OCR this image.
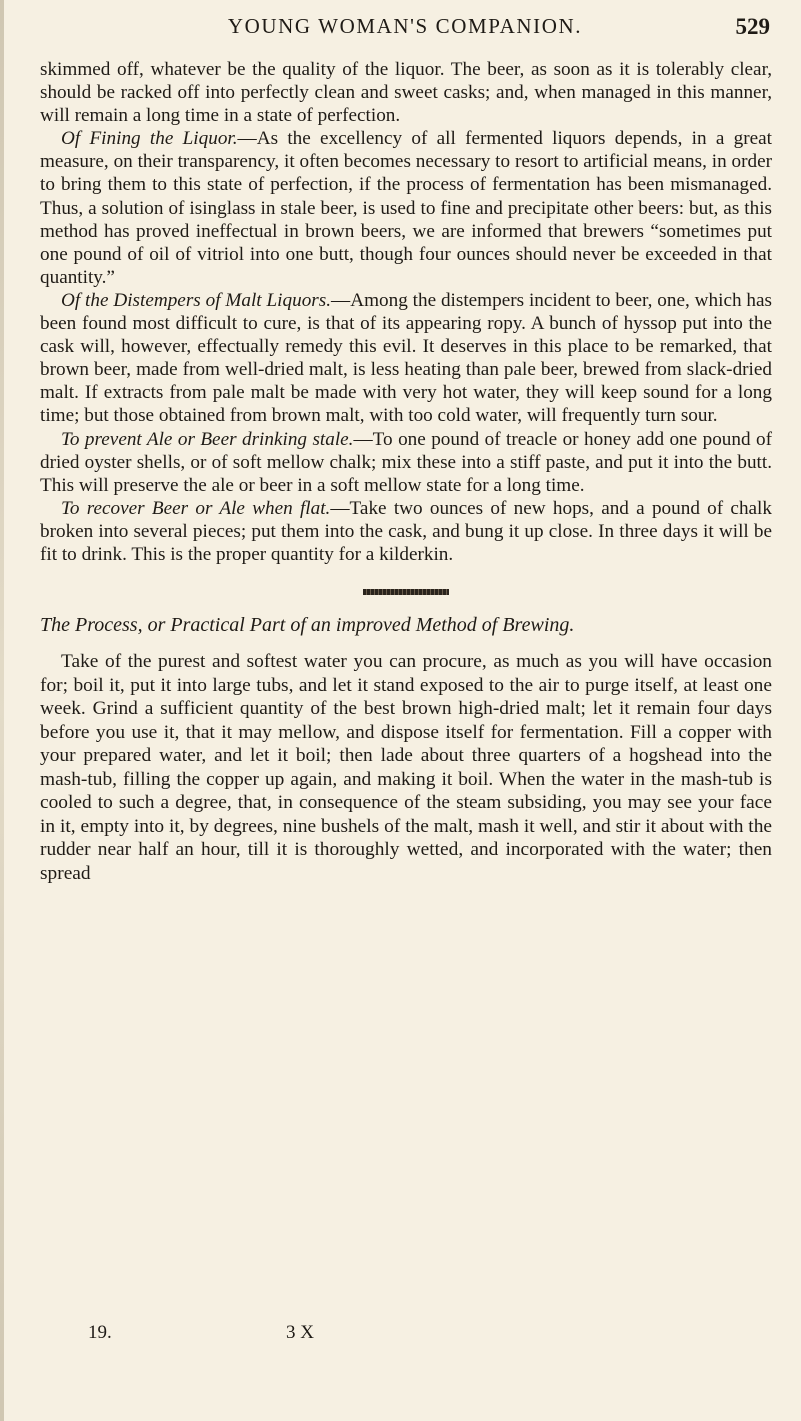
YOUNG WOMAN'S COMPANION.	529

skimmed off, whatever be the quality of the liquor. The beer, as soon as it is tolerably clear, should be racked off into perfectly clean and sweet casks; and, when managed in this manner, will remain a long time in a state of perfection.

Of Fining the Liquor.—As the excellency of all fermented liquors depends, in a great measure, on their transparency, it often becomes necessary to resort to artificial means, in order to bring them to this state of perfection, if the process of fermentation has been mismanaged. Thus, a solution of isinglass in stale beer, is used to fine and precipitate other beers: but, as this method has proved ineffectual in brown beers, we are informed that brewers “sometimes put one pound of oil of vitriol into one butt, though four ounces should never be exceeded in that quantity.”

Of the Distempers of Malt Liquors.—Among the distempers incident to beer, one, which has been found most difficult to cure, is that of its appearing ropy. A bunch of hyssop put into the cask will, however, effectually remedy this evil. It deserves in this place to be remarked, that brown beer, made from well-dried malt, is less heating than pale beer, brewed from slack-dried malt. If extracts from pale malt be made with very hot water, they will keep sound for a long time; but those obtained from brown malt, with too cold water, will frequently turn sour.

To prevent Ale or Beer drinking stale.—To one pound of treacle or honey add one pound of dried oyster shells, or of soft mellow chalk; mix these into a stiff paste, and put it into the butt. This will preserve the ale or beer in a soft mellow state for a long time.

To recover Beer or Ale when flat.—Take two ounces of new hops, and a pound of chalk broken into several pieces; put them into the cask, and bung it up close. In three days it will be fit to drink. This is the proper quantity for a kilderkin.

The Process, or Practical Part of an improved Method of Brewing.

Take of the purest and softest water you can procure, as much as you will have occasion for; boil it, put it into large tubs, and let it stand exposed to the air to purge itself, at least one week. Grind a sufficient quantity of the best brown high-dried malt; let it remain four days before you use it, that it may mellow, and dispose itself for fermentation. Fill a copper with your prepared water, and let it boil; then lade about three quarters of a hogshead into the mash-tub, filling the copper up again, and making it boil. When the water in the mash-tub is cooled to such a degree, that, in consequence of the steam subsiding, you may see your face in it, empty into it, by degrees, nine bushels of the malt, mash it well, and stir it about with the rudder near half an hour, till it is thoroughly wetted, and incorporated with the water; then spread

19.	3 X
